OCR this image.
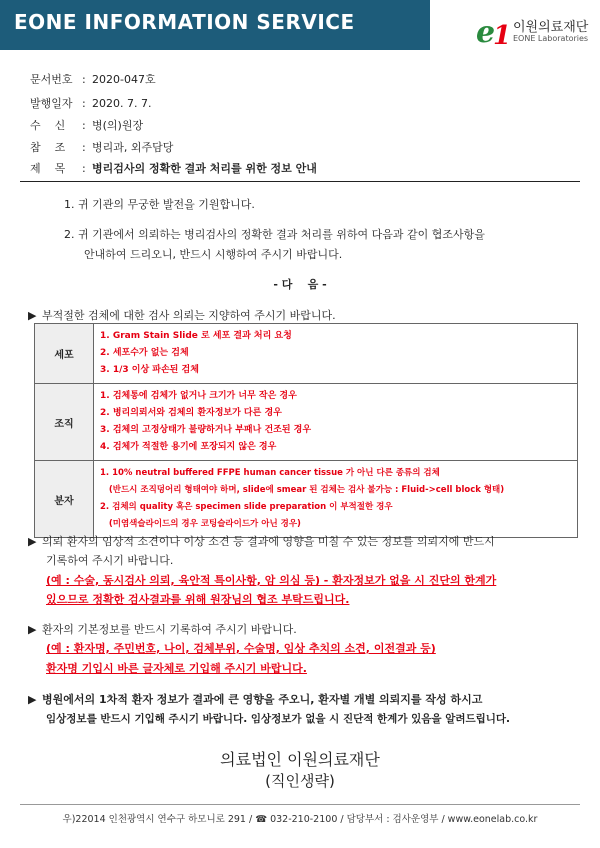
EONE INFORMATION SERVICE	e
1 이원의료재단
EONE Laboratories
문서번호 : 2020-047호
발행일자 : 2020. 7. 7.
수    신 : 병(의)원장
참    조 : 병리과, 외주담당
제    목 : 병리검사의 정확한 결과 처리를 위한 정보 안내
1. 귀 기관의 무궁한 발전을 기원합니다.
2. 귀 기관에서 의뢰하는 병리검사의 정확한 결과 처리를 위하여 다음과 같이 협조사항을
안내하여 드리오니, 반드시 시행하여 주시기 바랍니다.
- 다    음 -
▶ 부적절한 검체에 대한 검사 의뢰는 지양하여 주시기 바랍니다.
세포	1. Gram Stain Slide 로 세포 결과 처리 요청
2. 세포수가 없는 검체
3. 1/3 이상 파손된 검체

조직	1. 검체통에 검체가 없거나 크기가 너무 작은 경우
2. 병리의뢰서와 검체의 환자정보가 다른 경우
3. 검체의 고정상태가 불량하거나 부패나 건조된 경우
4. 검체가 적절한 용기에 포장되지 않은 경우

분자	1. 10% neutral buffered FFPE human cancer tissue 가 아닌 다른 종류의 검체
(반드시 조직덩어리 형태여야 하며, slide에 smear 된 검체는 검사 불가능 : Fluid->cell block 형태)
2. 검체의 quality 혹은 specimen slide preparation 이 부적절한 경우
(미염색슬라이드의 경우 코팅슬라이드가 아닌 경우)
▶ 의뢰 환자의 임상적 소견이나 이상 소견 등 결과에 영향을 미칠 수 있는 정보를 의뢰지에 반드시
기록하여 주시기 바랍니다.
(예 : 수술, 동시검사 의뢰, 육안적 특이사항, 암 의심 등) - 환자정보가 없을 시 진단의 한계가
있으므로 정확한 검사결과를 위해 원장님의 협조 부탁드립니다.
▶ 환자의 기본정보를 반드시 기록하여 주시기 바랍니다.
(예 : 환자명, 주민번호, 나이, 검체부위, 수술명, 임상 추치의 소견, 이전결과 등)
환자명 기입시 바른 글자체로 기입해 주시기 바랍니다.
▶ 병원에서의 1차적 환자 정보가 결과에 큰 영향을 주오니, 환자별 개별 의뢰지를 작성 하시고
임상정보를 반드시 기입해 주시기 바랍니다. 임상정보가 없을 시 진단적 한계가 있음을 알려드립니다.
의료법인 이원의료재단
(직인생략)
우)22014 인천광역시 연수구 하모니로 291 / ☎ 032-210-2100 / 담당부서 : 검사운영부 / www.eonelab.co.kr
